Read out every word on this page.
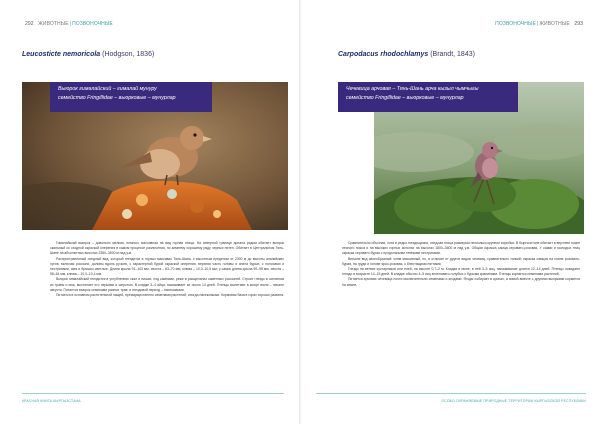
292 ЖИВОТНЫЕ|ПОЗВОНОЧНЫЕ
Leucosticte nemoricola (Hodgson, 1836)
Выюрок гималайский – гималай мунуру
семейство Fringillidae – вьюрковые – мунурлар

Гималайский выюрок – довольно мелкая, немного массивная на вид горная птица. На северной границе ареала рядом обитает вьюрок скальный со сходной окраской оперения в самом процессе различения, по зимнему хорошему ряду черных пятен. Обитает в Центральном Тянь-Шане на абсолютных высотах 2350–3500 м над у.м.

Распространенный оседлый вид, который гнездится в горных массивах Тянь-Шаня, с высотным пределом от 2300 м до высоты альпийских лугов, включая россыпи, долины вдоль ручьев, с характерной бурой окраской оперения, верхняя часть головы и спина бурые, с полосами и пестринами, шея и брюшко светлые. Длина крыла 91–103 мм, хвоста – 63–70 мм, клюва – 10,0–10,5 мм; у самок длина крыла 90–98 мм, хвоста – 58–64 мм, клюва – 10,0–10,4 мм.

Вьюрок гималайский гнездится в углублениях скал и нишах, под камнями, реже в расщелинах каменных россыпей. Строит гнездо в основном из травы и мха, выстилает его перьями и шерстью. В кладке 3–4 яйца, насиживает их около 14 дней. Птенцы вылетают в конце июля – начале августа. Питается вьюрок семенами разных трав, в гнездовой период – насекомыми.

Питается в основном растительной пищей, преимущественно семенами растений, иногда насекомыми. Кормовая база в горах хорошо развита.

КРАСНАЯ КНИГА КЫРГЫЗСТАНА
ПОЗВОНОЧНЫЕ|ЖИВОТНЫЕ 293
Carpodacus rhodochlamys (Brandt, 1843)
Чечевица арчовая – Тянь-Шань арча кызыл чымчыгы
семейство Fringillidae – вьюрковые – мунурлар

Сравнительно обычная, хотя и редко гнездящаяся, оседлая птица размером несколько крупнее воробья. В Кыргызстане обитает в верхнем поясе лесного пояса и на высоких горных склонах на высотах 1800–3600 м над у.м. Общая окраска самца серовато-розовая. У самки и молодых птиц окраска серовато-бурая с продольными темными пестринами.

Внешне вид своеобразный: клюв массивный, но, в отличие от других видов чечевиц, сравнительно тонкий; окраска самцов на спине розовато-бурая, на груди и голове ярко-розовая, с блестящими пятнами.

Гнездо на ветвях кустарников или елей, на высоте 0,7–2 м. Кладка в июне, в ней 3–5 яиц, насиживание длится 12–14 дней. Птенцы покидают гнездо в возрасте 14–15 дней. В кладке обычно 4–5 яиц зеленовато-голубых с бурыми крапинами. Птенцы кормятся семенами растений.

Питается арчовая чечевица почти исключительно семенами и ягодами. Ягоды собирает в кронах, а зимой вместе с другими вьюрками кормится на земле.

ОСОБО ОХРАНЯЕМЫЕ ПРИРОДНЫЕ ТЕРРИТОРИИ КЫРГЫЗСКОЙ РЕСПУБЛИКИ
